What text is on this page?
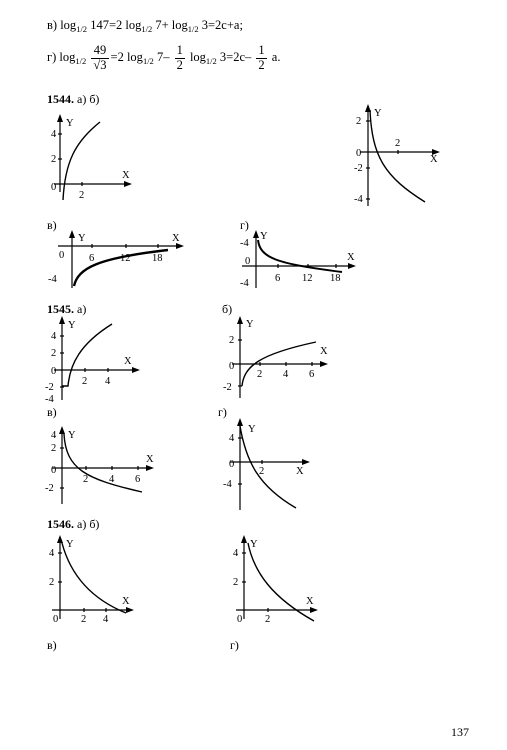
в) $\log_{1/2} 147=2$ $\log_{1/2} 7+ \log_{1/2} 3=2c+a$;
г) $\log_{1/2} \frac{49}{√3} =2$ $\log_{1/2} 7- \frac{1}{2} \log_{1/2} 3=2c- \frac{1}{2} a$.
1544. а) б)
в)	г)
1545. а)	б)
в)	г)
1546. а) б)
в)	г)
Y
X
4
2
0
2
Y
X
2
0
-2
-4
2
Y	X
0
-4
6 12 18
Y
X
-4
0
-4	6 12 18
Y
X
4
2
0
-2
-4
2 4
Y
X
2
0
-2
2 4 6
Y
X
4
2
0
-2
2 4 6
Y
X
4
0
-4
2
Y
X
4
2
0 2 4
Y
X
4
2
0 2
137
